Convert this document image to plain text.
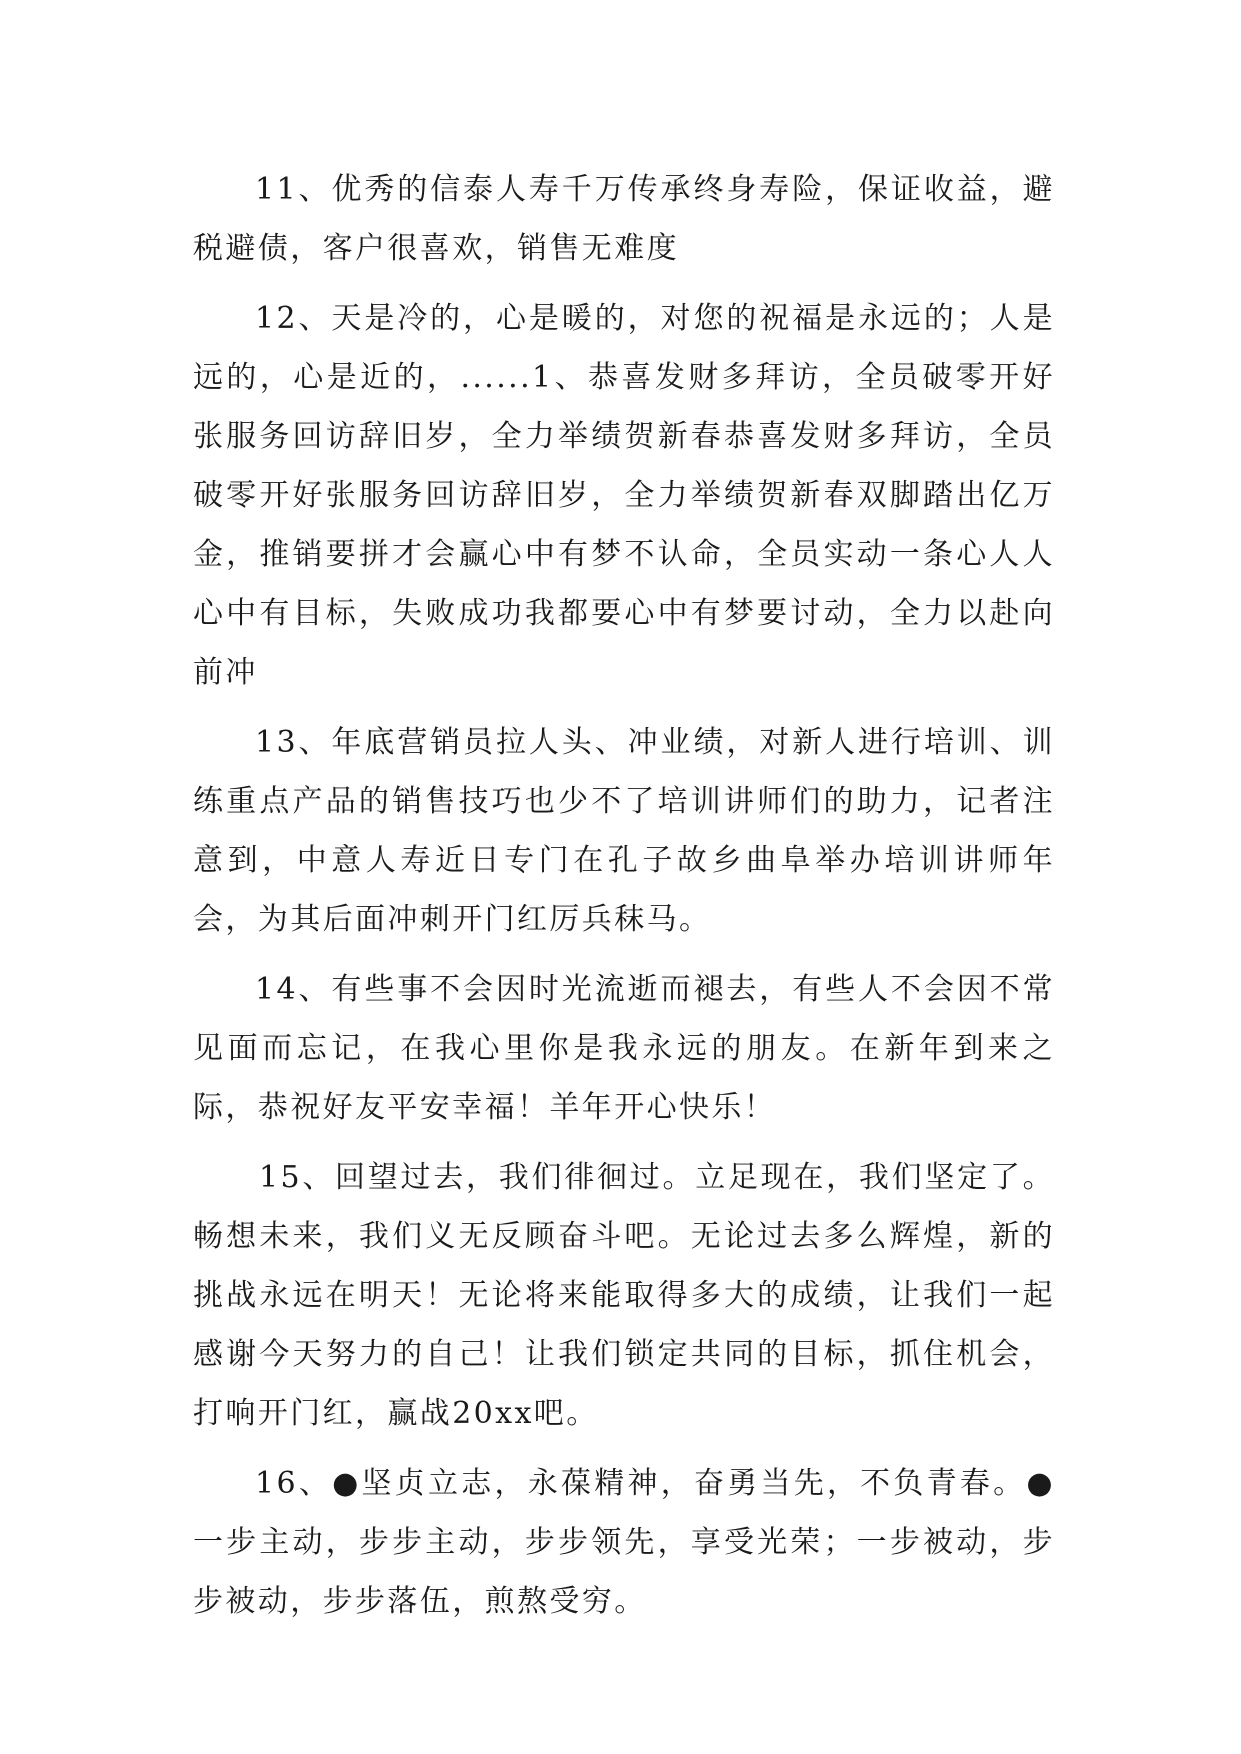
11、优秀的信泰人寿千万传承终身寿险，保证收益，避税避债，客户很喜欢，销售无难度

12、天是冷的，心是暖的，对您的祝福是永远的；人是远的，心是近的，......1、恭喜发财多拜访，全员破零开好张服务回访辞旧岁，全力举绩贺新春恭喜发财多拜访，全员破零开好张服务回访辞旧岁，全力举绩贺新春双脚踏出亿万金，推销要拼才会赢心中有梦不认命，全员实动一条心人人心中有目标，失败成功我都要心中有梦要讨动，全力以赴向前冲

13、年底营销员拉人头、冲业绩，对新人进行培训、训练重点产品的销售技巧也少不了培训讲师们的助力，记者注意到，中意人寿近日专门在孔子故乡曲阜举办培训讲师年会，为其后面冲刺开门红厉兵秣马。

14、有些事不会因时光流逝而褪去，有些人不会因不常见面而忘记，在我心里你是我永远的朋友。在新年到来之际，恭祝好友平安幸福！羊年开心快乐！

15、回望过去，我们徘徊过。立足现在，我们坚定了。畅想未来，我们义无反顾奋斗吧。无论过去多么辉煌，新的挑战永远在明天！无论将来能取得多大的成绩，让我们一起感谢今天努力的自己！让我们锁定共同的目标，抓住机会，打响开门红，赢战20xx吧。

16、●坚贞立志，永葆精神，奋勇当先，不负青春。●一步主动，步步主动，步步领先，享受光荣；一步被动，步步被动，步步落伍，煎熬受穷。
